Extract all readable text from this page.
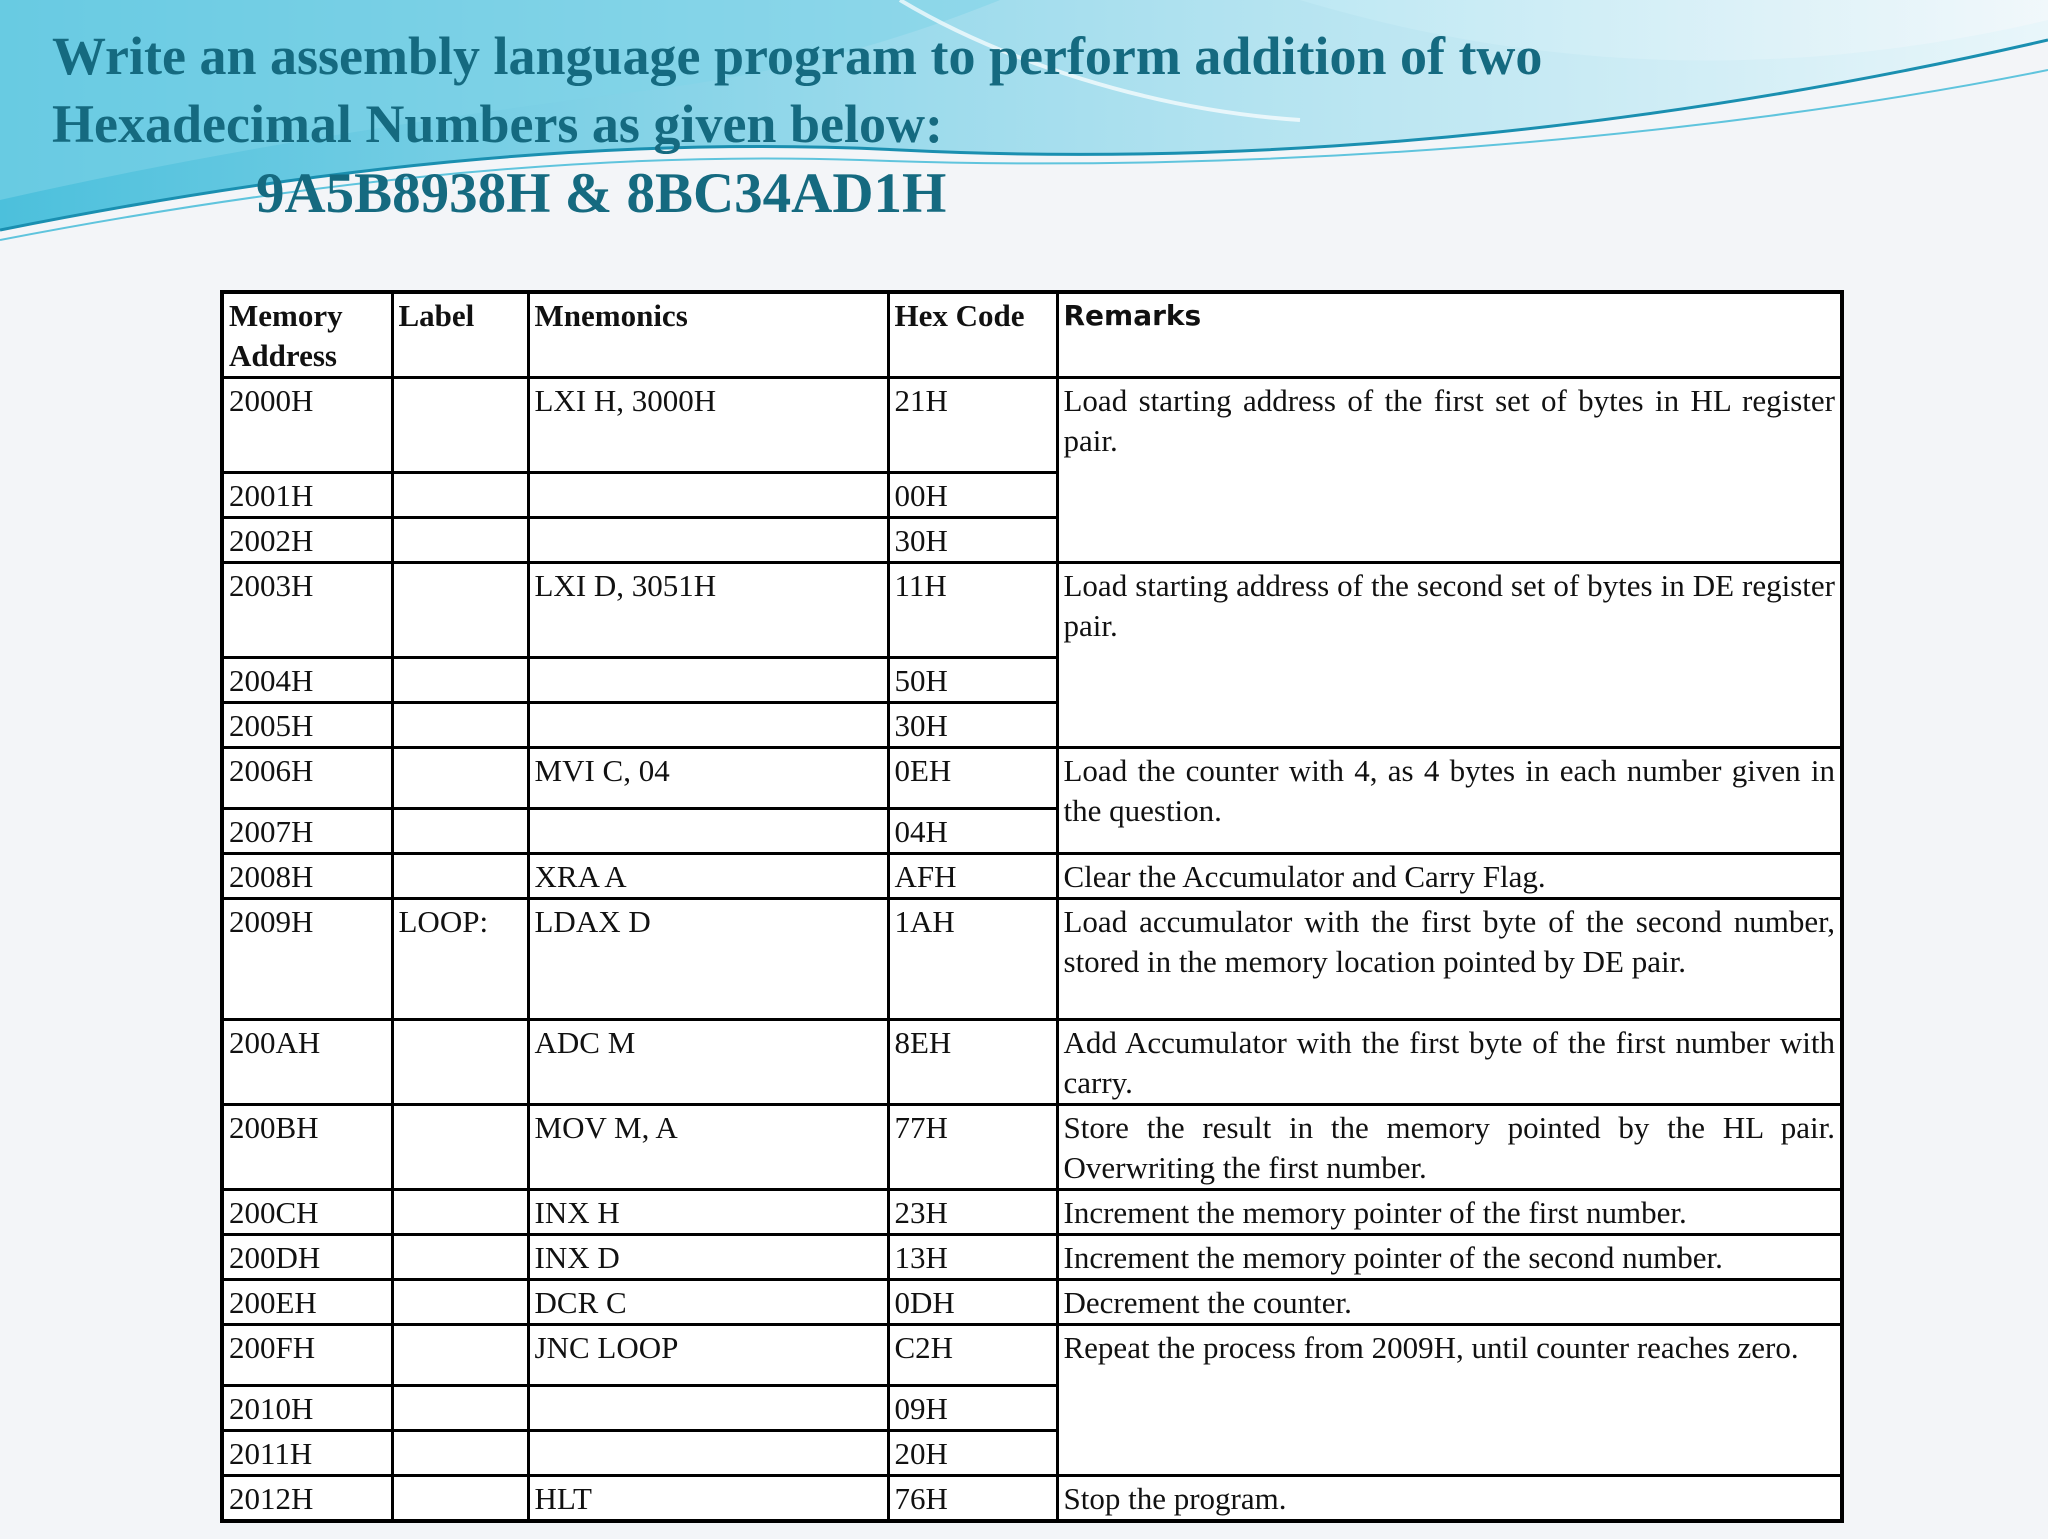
Write an assembly language program to perform addition of two
Hexadecimal Numbers as given below:
9A5B8938H & 8BC34AD1H
Memory Address	Label	Mnemonics	Hex Code	Remarks
2000H		LXI H, 3000H	21H	Load starting address of the first set of bytes in HL register pair.
2001H			00H	
2002H			30H	
2003H		LXI D, 3051H	11H	Load starting address of the second set of bytes in DE register pair.
2004H			50H	
2005H			30H	
2006H		MVI C, 04	0EH	Load the counter with 4, as 4 bytes in each number given in the question.
2007H			04H	
2008H		XRA A	AFH	Clear the Accumulator and Carry Flag.
2009H	LOOP:	LDAX D	1AH	Load accumulator with the first byte of the second number, stored in the memory location pointed by DE pair.
200AH		ADC M	8EH	Add Accumulator with the first byte of the first number with carry.
200BH		MOV M, A	77H	Store the result in the memory pointed by the HL pair. Overwriting the first number.
200CH		INX H	23H	Increment the memory pointer of the first number.
200DH		INX D	13H	Increment the memory pointer of the second number.
200EH		DCR C	0DH	Decrement the counter.
200FH		JNC LOOP	C2H	Repeat the process from 2009H, until counter reaches zero.
2010H			09H	
2011H			20H	
2012H		HLT	76H	Stop the program.
